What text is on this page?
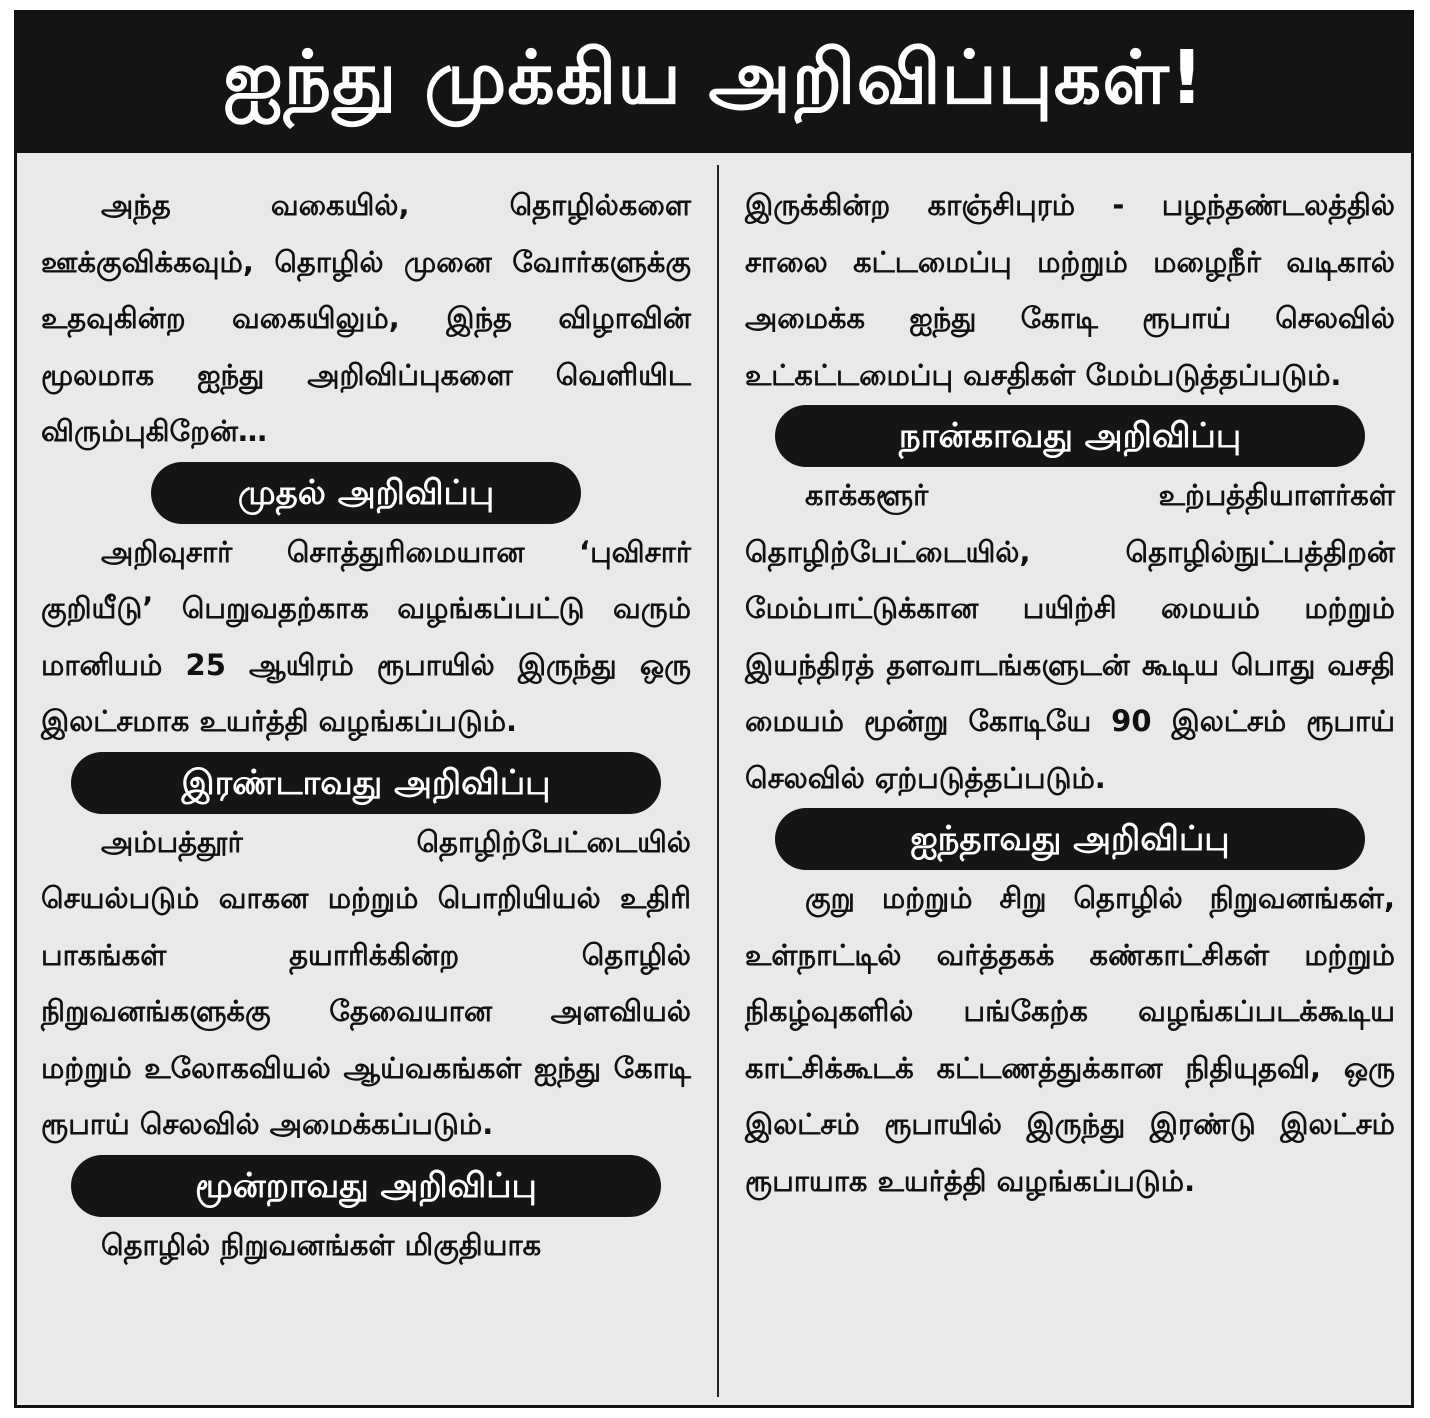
ஐந்து முக்கிய அறிவிப்புகள்!

அந்த வகையில், தொழில்களை ஊக்குவிக்கவும், தொழில் முனை வோர்களுக்கு உதவுகின்ற வகையிலும், இந்த விழாவின் மூலமாக ஐந்து அறிவிப்புகளை வெளியிட விரும்புகிறேன்…

முதல் அறிவிப்பு

அறிவுசார் சொத்துரிமையான ‘புவிசார் குறியீடு’ பெறுவதற்காக வழங்கப்பட்டு வரும் மானியம் 25 ஆயிரம் ரூபாயில் இருந்து ஒரு இலட்சமாக உயர்த்தி வழங்கப்படும்.

இரண்டாவது அறிவிப்பு

அம்பத்தூர் தொழிற்பேட்டையில் செயல்படும் வாகன மற்றும் பொறியியல் உதிரி பாகங்கள் தயாரிக்கின்ற தொழில் நிறுவனங்களுக்கு தேவையான அளவியல் மற்றும் உலோகவியல் ஆய்வகங்கள் ஐந்து கோடி ரூபாய் செலவில் அமைக்கப்படும்.

மூன்றாவது அறிவிப்பு

தொழில் நிறுவனங்கள் மிகுதியாக

இருக்கின்ற காஞ்சிபுரம் - பழந்தண்டலத்தில் சாலை கட்டமைப்பு மற்றும் மழைநீர் வடிகால் அமைக்க ஐந்து கோடி ரூபாய் செலவில் உட்கட்டமைப்பு வசதிகள் மேம்படுத்தப்படும்.

நான்காவது அறிவிப்பு

காக்களூர் உற்பத்தியாளர்கள் தொழிற்பேட்டையில், தொழில்நுட்பத்திறன் மேம்பாட்டுக்கான பயிற்சி மையம் மற்றும் இயந்திரத் தளவாடங்களுடன் கூடிய பொது வசதி மையம் மூன்று கோடியே 90 இலட்சம் ரூபாய் செலவில் ஏற்படுத்தப்படும்.

ஐந்தாவது அறிவிப்பு

குறு மற்றும் சிறு தொழில் நிறுவனங்கள், உள்நாட்டில் வர்த்தகக் கண்காட்சிகள் மற்றும் நிகழ்வுகளில் பங்கேற்க வழங்கப்படக்கூடிய காட்சிக்கூடக் கட்டணத்துக்கான நிதியுதவி, ஒரு இலட்சம் ரூபாயில் இருந்து இரண்டு இலட்சம் ரூபாயாக உயர்த்தி வழங்கப்படும்.
